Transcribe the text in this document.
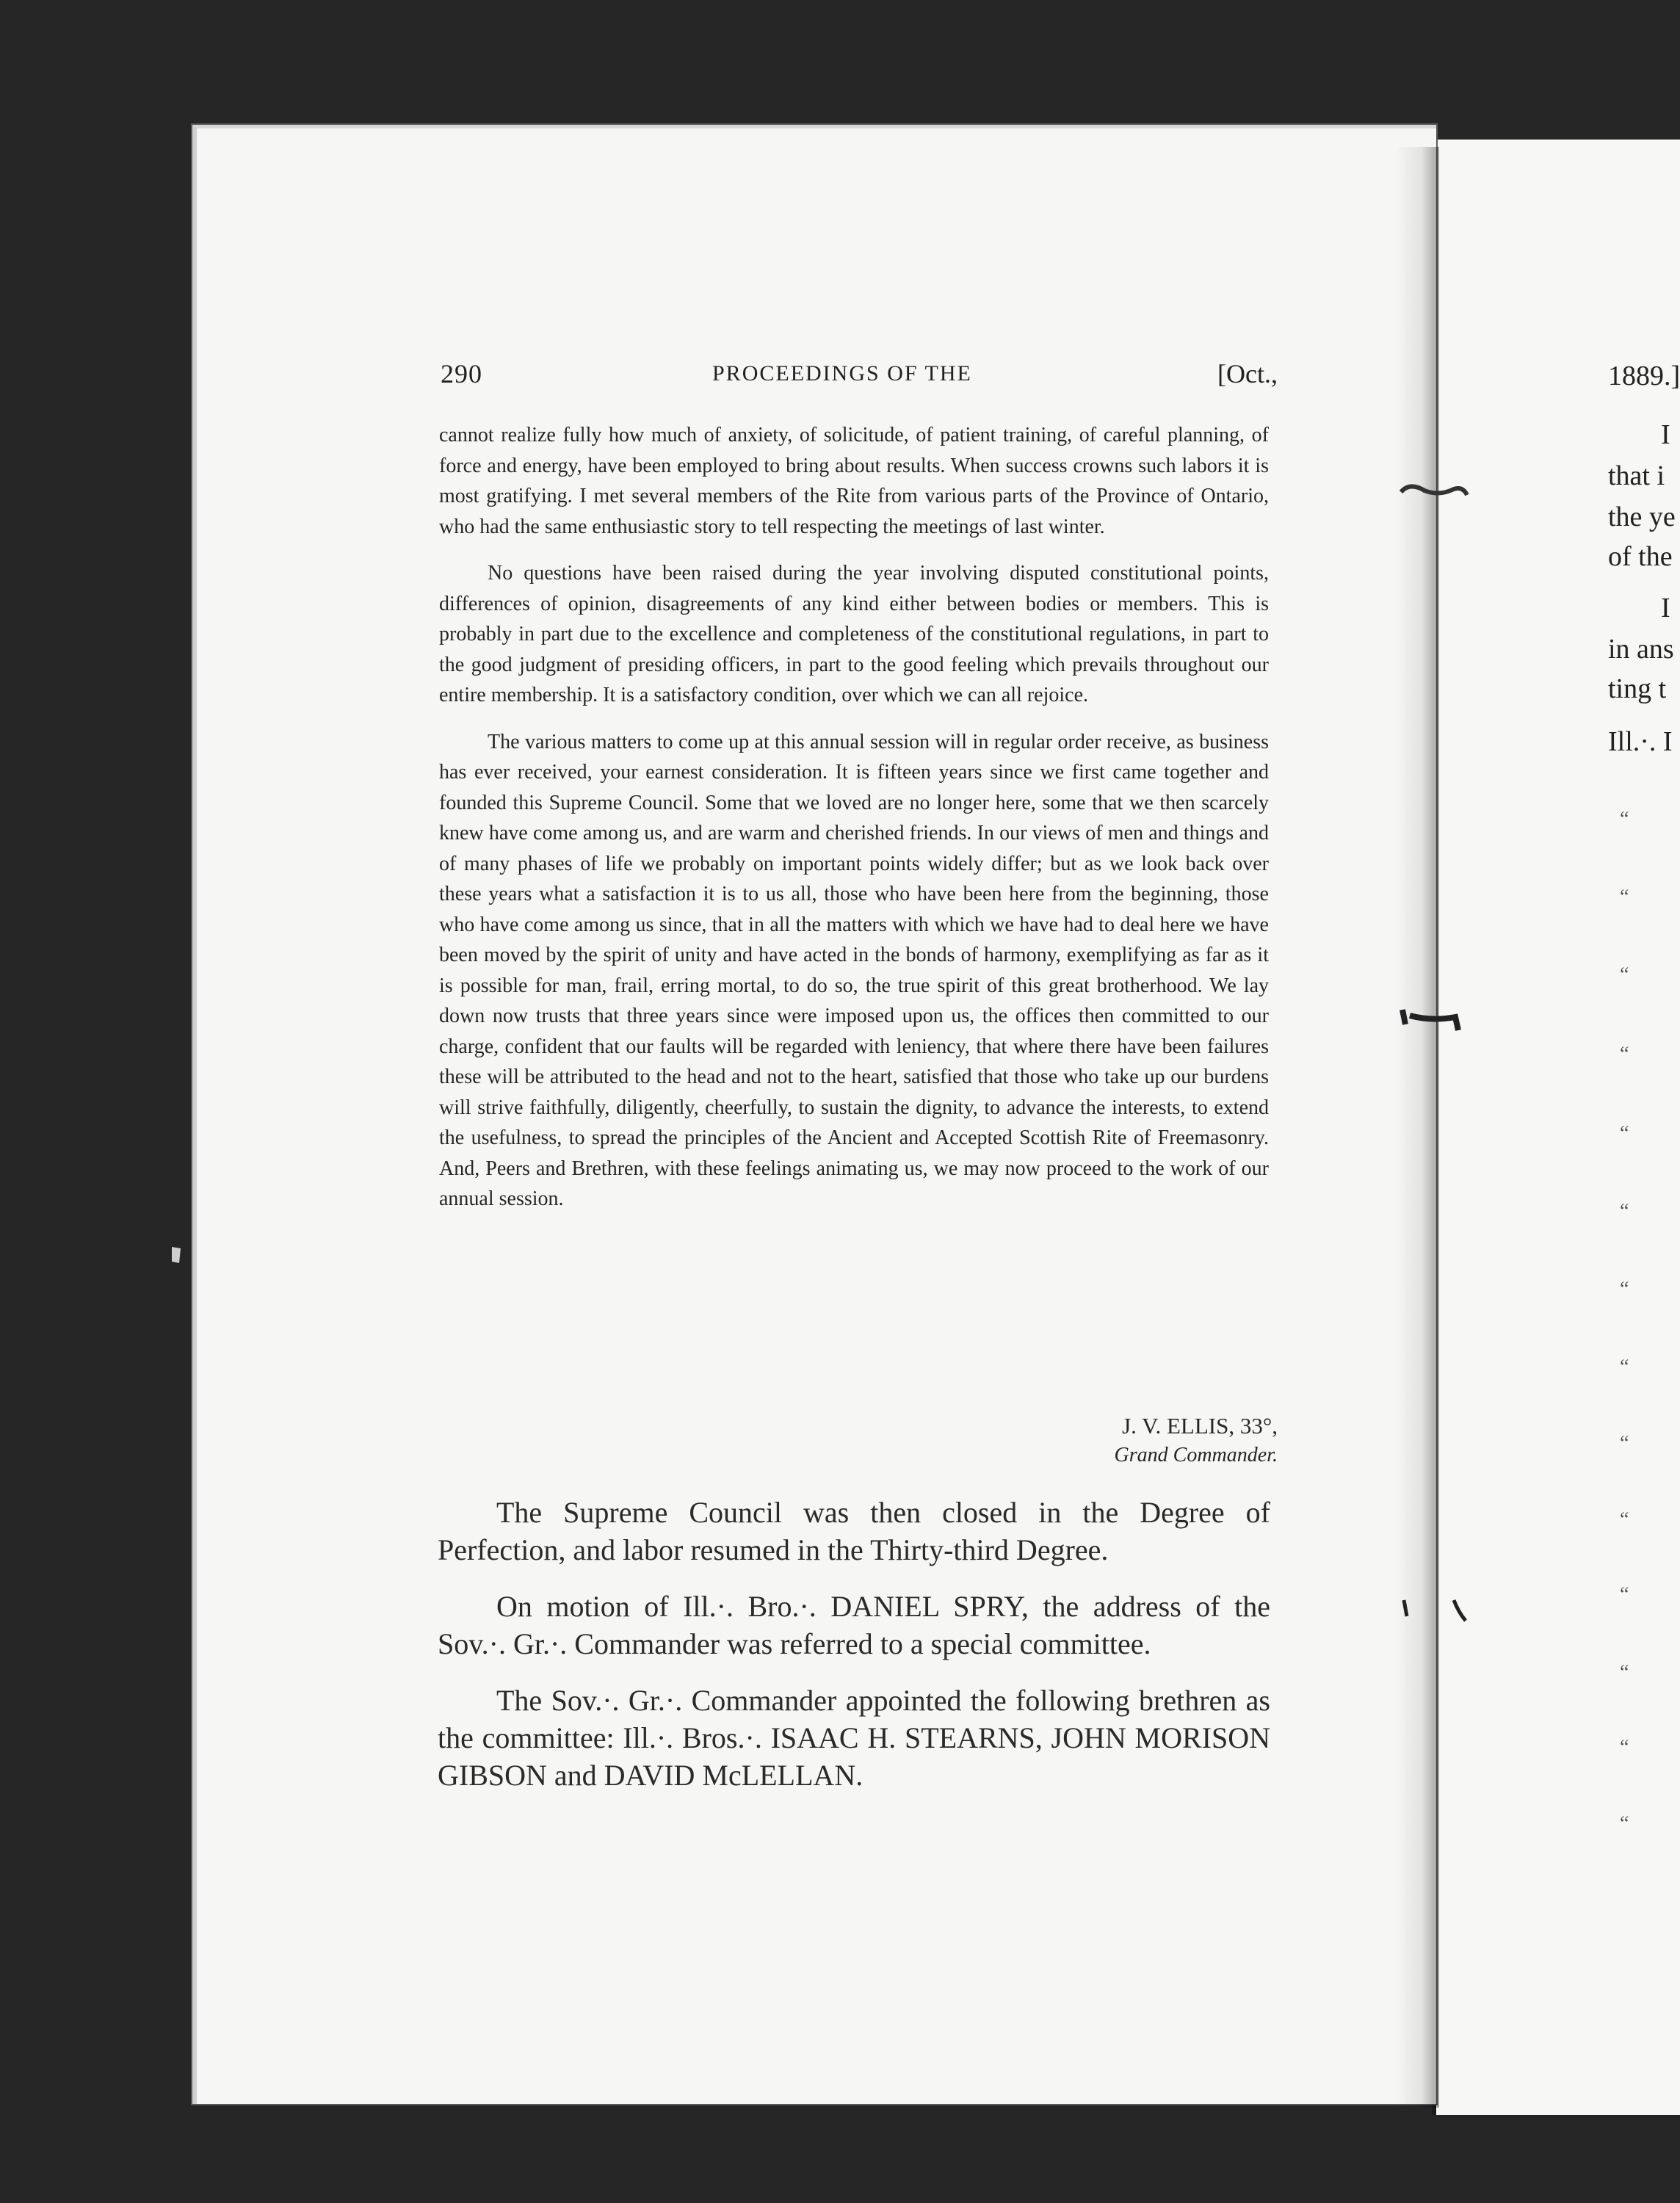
290	PROCEEDINGS OF THE	[Oct.,

cannot realize fully how much of anxiety, of solicitude, of patient training, of careful planning, of force and energy, have been employed to bring about results. When success crowns such labors it is most gratifying. I met several members of the Rite from various parts of the Province of Ontario, who had the same enthusiastic story to tell respecting the meetings of last winter.

No questions have been raised during the year involving disputed constitutional points, differences of opinion, disagreements of any kind either between bodies or members. This is probably in part due to the excellence and completeness of the constitutional regulations, in part to the good judgment of presiding officers, in part to the good feeling which prevails throughout our entire membership. It is a satisfactory condition, over which we can all rejoice.

The various matters to come up at this annual session will in regular order receive, as business has ever received, your earnest consideration. It is fifteen years since we first came together and founded this Supreme Council. Some that we loved are no longer here, some that we then scarcely knew have come among us, and are warm and cherished friends. In our views of men and things and of many phases of life we probably on important points widely differ; but as we look back over these years what a satisfaction it is to us all, those who have been here from the beginning, those who have come among us since, that in all the matters with which we have had to deal here we have been moved by the spirit of unity and have acted in the bonds of harmony, exemplifying as far as it is possible for man, frail, erring mortal, to do so, the true spirit of this great brotherhood. We lay down now trusts that three years since were imposed upon us, the offices then committed to our charge, confident that our faults will be regarded with leniency, that where there have been failures these will be attributed to the head and not to the heart, satisfied that those who take up our burdens will strive faithfully, diligently, cheerfully, to sustain the dignity, to advance the interests, to extend the usefulness, to spread the principles of the Ancient and Accepted Scottish Rite of Freemasonry. And, Peers and Brethren, with these feelings animating us, we may now proceed to the work of our annual session.

J. V. ELLIS, 33°,
Grand Commander.

The Supreme Council was then closed in the Degree of Perfection, and labor resumed in the Thirty-third Degree.

On motion of Ill.·. Bro.·. DANIEL SPRY, the address of the Sov.·. Gr.·. Commander was referred to a special committee.

The Sov.·. Gr.·. Commander appointed the following brethren as the committee: Ill.·. Bros.·. ISAAC H. STEARNS, JOHN MORISON GIBSON and DAVID McLELLAN.

1889.]
I
that i
the ye
of the
I
in ans
ting t
Ill.·. I
“
“
“
“
“
“
“
“
“
“
“
“
“
“
